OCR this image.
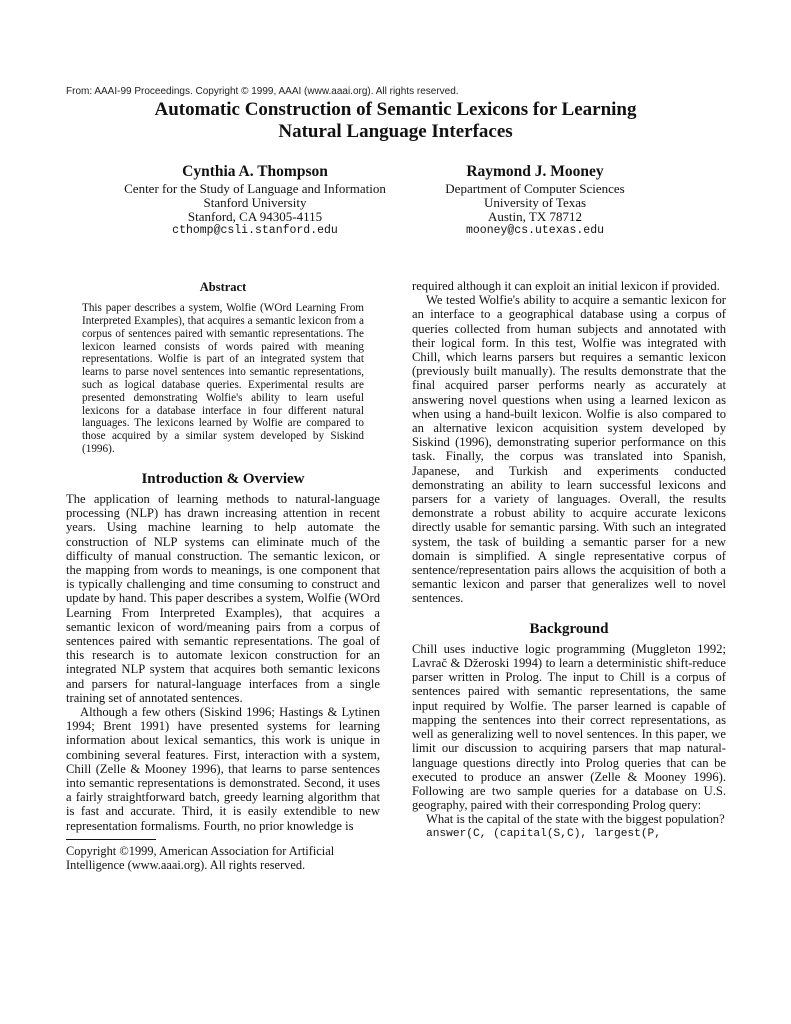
From: AAAI-99 Proceedings. Copyright © 1999, AAAI (www.aaai.org). All rights reserved.
Automatic Construction of Semantic Lexicons for Learning
Natural Language Interfaces
Cynthia A. Thompson
Center for the Study of Language and Information
Stanford University
Stanford, CA 94305-4115
cthomp@csli.stanford.edu
Raymond J. Mooney
Department of Computer Sciences
University of Texas
Austin, TX 78712
mooney@cs.utexas.edu
Abstract

This paper describes a system, Wolfie (WOrd Learning From Interpreted Examples), that acquires a semantic lexicon from a corpus of sentences paired with semantic representations. The lexicon learned consists of words paired with meaning representations. Wolfie is part of an integrated system that learns to parse novel sentences into semantic representations, such as logical database queries. Experimental results are presented demonstrating Wolfie's ability to learn useful lexicons for a database interface in four different natural languages. The lexicons learned by Wolfie are compared to those acquired by a similar system developed by Siskind (1996).

Introduction & Overview

The application of learning methods to natural-language processing (NLP) has drawn increasing attention in recent years. Using machine learning to help automate the construction of NLP systems can eliminate much of the difficulty of manual construction. The semantic lexicon, or the mapping from words to meanings, is one component that is typically challenging and time consuming to construct and update by hand. This paper describes a system, Wolfie (WOrd Learning From Interpreted Examples), that acquires a semantic lexicon of word/meaning pairs from a corpus of sentences paired with semantic representations. The goal of this research is to automate lexicon construction for an integrated NLP system that acquires both semantic lexicons and parsers for natural-language interfaces from a single training set of annotated sentences.

Although a few others (Siskind 1996; Hastings & Lytinen 1994; Brent 1991) have presented systems for learning information about lexical semantics, this work is unique in combining several features. First, interaction with a system, Chill (Zelle & Mooney 1996), that learns to parse sentences into semantic representations is demonstrated. Second, it uses a fairly straightforward batch, greedy learning algorithm that is fast and accurate. Third, it is easily extendible to new representation formalisms. Fourth, no prior knowledge is

Copyright ©1999, American Association for Artificial Intelligence (www.aaai.org). All rights reserved.

required although it can exploit an initial lexicon if provided.

We tested Wolfie's ability to acquire a semantic lexicon for an interface to a geographical database using a corpus of queries collected from human subjects and annotated with their logical form. In this test, Wolfie was integrated with Chill, which learns parsers but requires a semantic lexicon (previously built manually). The results demonstrate that the final acquired parser performs nearly as accurately at answering novel questions when using a learned lexicon as when using a hand-built lexicon. Wolfie is also compared to an alternative lexicon acquisition system developed by Siskind (1996), demonstrating superior performance on this task. Finally, the corpus was translated into Spanish, Japanese, and Turkish and experiments conducted demonstrating an ability to learn successful lexicons and parsers for a variety of languages. Overall, the results demonstrate a robust ability to acquire accurate lexicons directly usable for semantic parsing. With such an integrated system, the task of building a semantic parser for a new domain is simplified. A single representative corpus of sentence/representation pairs allows the acquisition of both a semantic lexicon and parser that generalizes well to novel sentences.

Background

Chill uses inductive logic programming (Muggleton 1992; Lavrač & Džeroski 1994) to learn a deterministic shift-reduce parser written in Prolog. The input to Chill is a corpus of sentences paired with semantic representations, the same input required by Wolfie. The parser learned is capable of mapping the sentences into their correct representations, as well as generalizing well to novel sentences. In this paper, we limit our discussion to acquiring parsers that map natural-language questions directly into Prolog queries that can be executed to produce an answer (Zelle & Mooney 1996). Following are two sample queries for a database on U.S. geography, paired with their corresponding Prolog query:

What is the capital of the state with the biggest population?

answer(C, (capital(S,C), largest(P,
